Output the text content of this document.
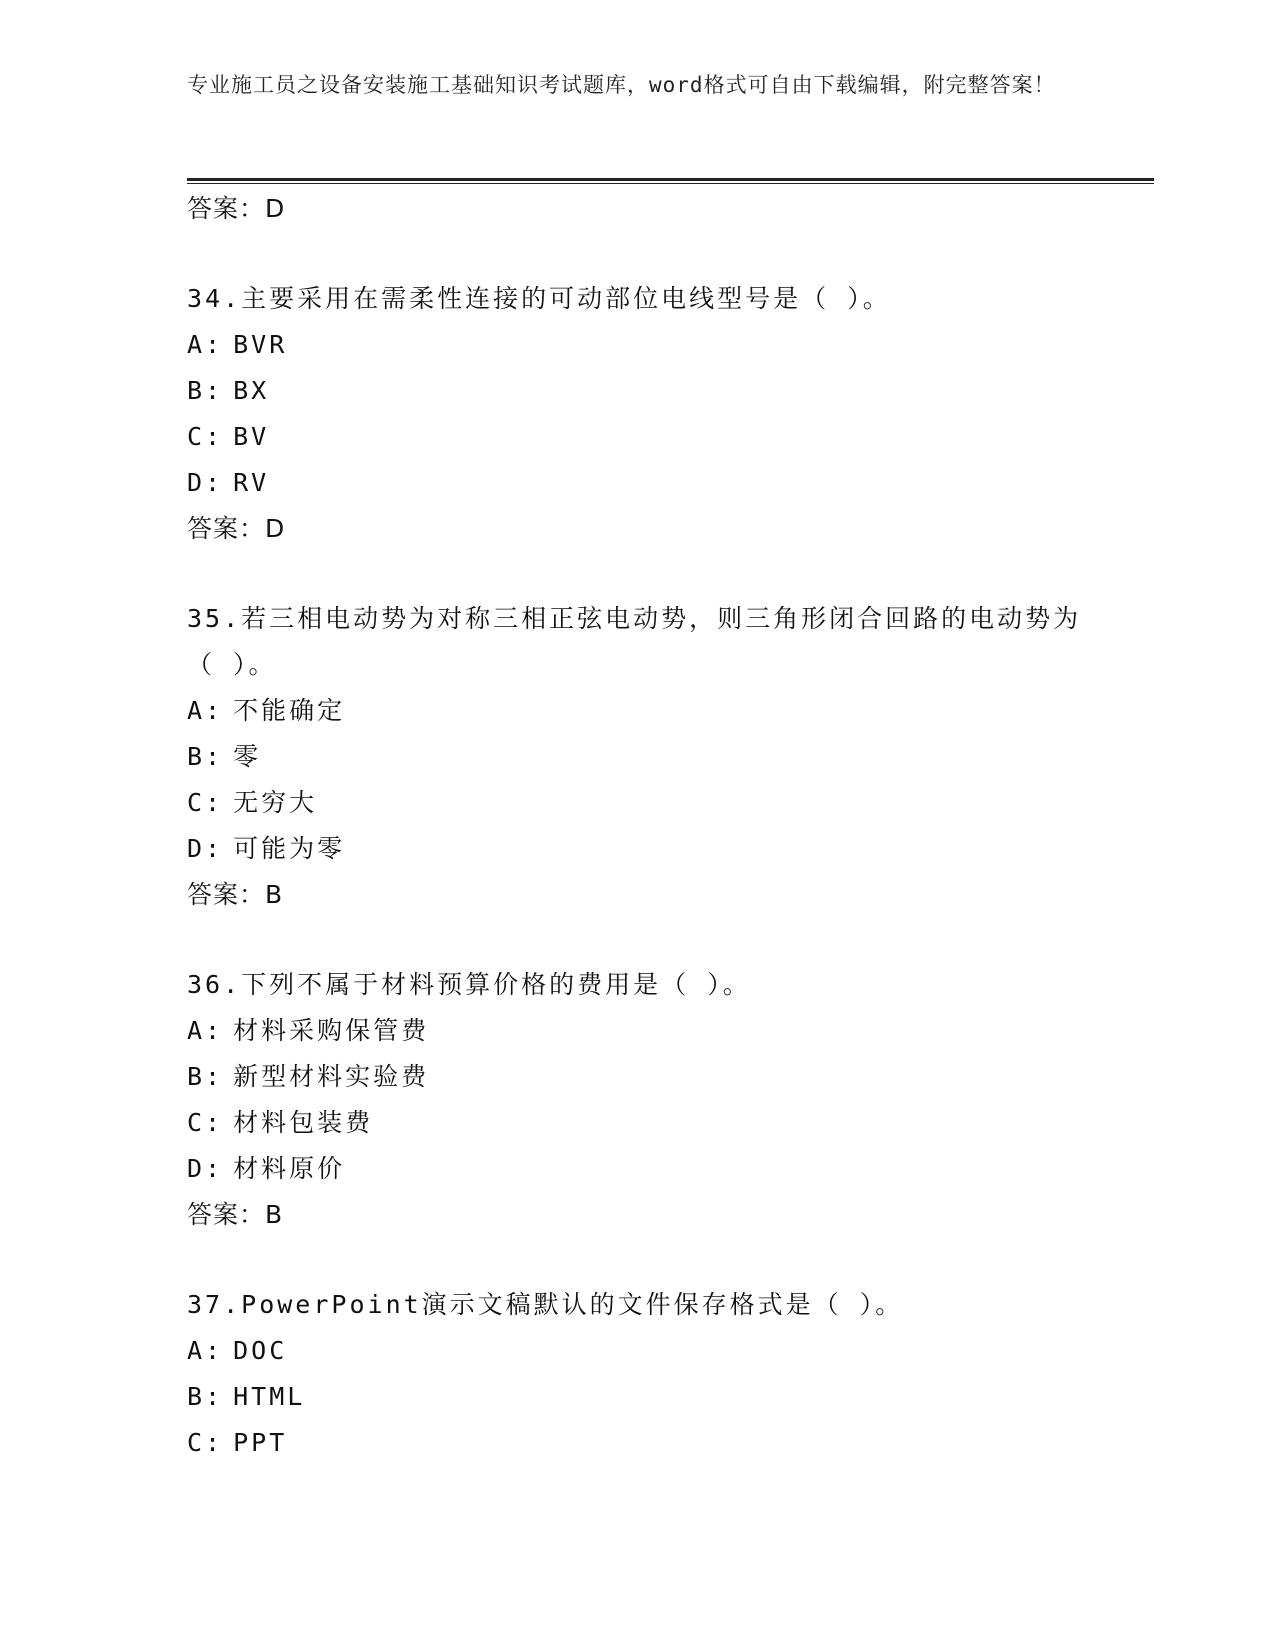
专业施工员之设备安装施工基础知识考试题库，word格式可自由下载编辑，附完整答案！
答案：D

34.主要采用在需柔性连接的可动部位电线型号是（ ）。

A: BVR
B: BX
C: BV
D: RV
答案：D

35.若三相电动势为对称三相正弦电动势，则三角形闭合回路的电动势为（ ）。

A: 不能确定
B: 零
C: 无穷大
D: 可能为零
答案：B

36.下列不属于材料预算价格的费用是（ ）。

A: 材料采购保管费
B: 新型材料实验费
C: 材料包装费
D: 材料原价
答案：B

37.PowerPoint演示文稿默认的文件保存格式是（ ）。

A: DOC
B: HTML
C: PPT
